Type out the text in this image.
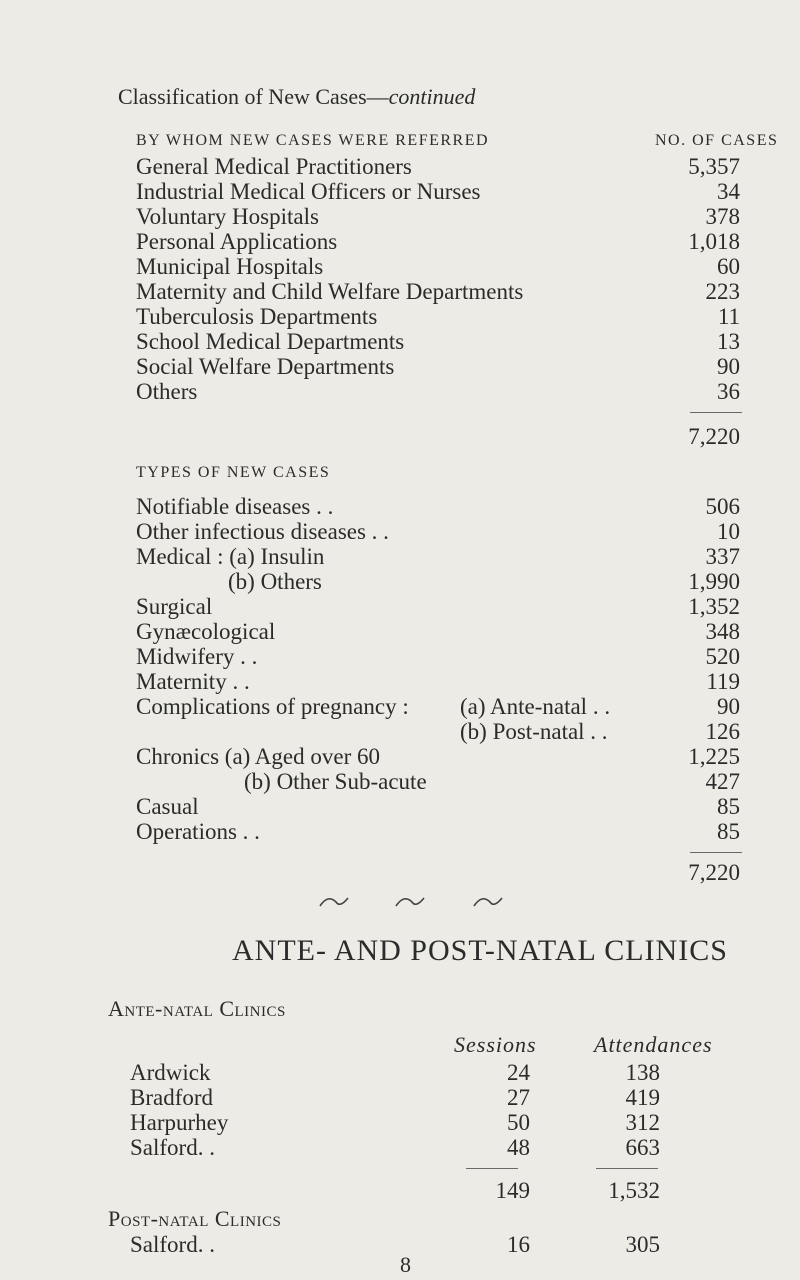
Classification of New Cases—continued
BY WHOM NEW CASES WERE REFERRED	NO. OF CASES
General Medical Practitioners	5,357
Industrial Medical Officers or Nurses	34
Voluntary Hospitals	378
Personal Applications	1,018
Municipal Hospitals	60
Maternity and Child Welfare Departments	223
Tuberculosis Departments	11
School Medical Departments	13
Social Welfare Departments	90
Others	36
7,220
TYPES OF NEW CASES
Notifiable diseases . .	506
Other infectious diseases . .	10
Medical : (a) Insulin	337
(b) Others	1,990
Surgical	1,352
Gynæcological	348
Midwifery . .	520
Maternity . .	119
Complications of pregnancy : (a) Ante-natal . .	90
(b) Post-natal . .	126
Chronics (a) Aged over 60	1,225
(b) Other Sub-acute	427
Casual	85
Operations . .	85
7,220
ANTE- AND POST-NATAL CLINICS
Ante-natal Clinics
Sessions	Attendances
Ardwick	24	138
Bradford	27	419
Harpurhey	50	312
Salford. .	48	663
149	1,532
Post-natal Clinics
Salford. .	16	305
8
